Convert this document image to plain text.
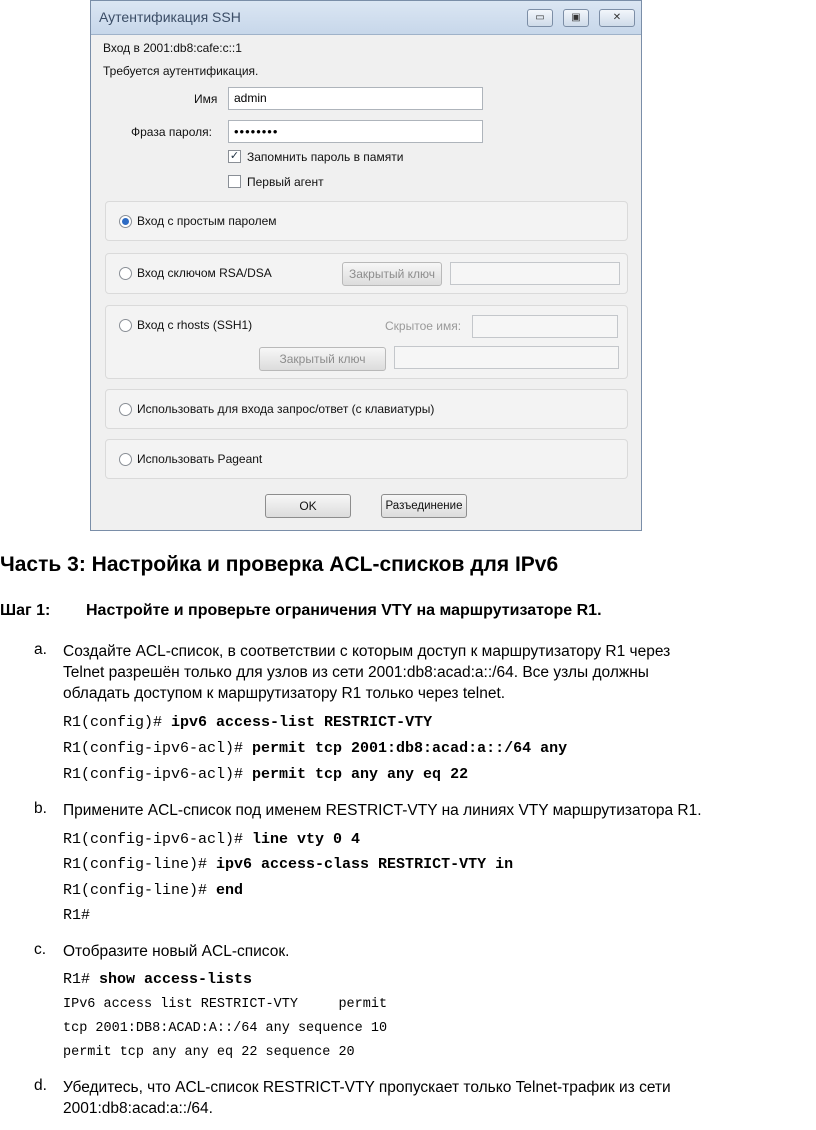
Аутентификация SSH	▭	▣	✕
Вход в 2001:db8:cafe:c::1
Требуется аутентификация.
Имя	admin
Фраза пароля:	••••••••
✓ Запомнить пароль в памяти
Первый агент
Вход с простым паролем
Вход сключом RSA/DSA	Закрытый ключ
Вход с rhosts (SSH1)	Скрытое имя:
Закрытый ключ
Использовать для входа запрос/ответ (с клавиатуры)
Использовать Pageant
OK	Разъединение
Часть 3: Настройка и проверка ACL-списков для IPv6
Шаг 1: Настройте и проверьте ограничения VTY на маршрутизаторе R1.
a. Создайте ACL-список, в соответствии с которым доступ к маршрутизатору R1 через
Telnet разрешён только для узлов из сети 2001:db8:acad:a::/64. Все узлы должны
обладать доступом к маршрутизатору R1 только через telnet.
R1(config)# ipv6 access-list RESTRICT-VTY
R1(config-ipv6-acl)# permit tcp 2001:db8:acad:a::/64 any
R1(config-ipv6-acl)# permit tcp any any eq 22
b. Примените ACL-список под именем RESTRICT-VTY на линиях VTY маршрутизатора R1.
R1(config-ipv6-acl)# line vty 0 4
R1(config-line)# ipv6 access-class RESTRICT-VTY in
R1(config-line)# end
R1#
c. Отобразите новый ACL-список.
R1# show access-lists
IPv6 access list RESTRICT-VTY     permit
tcp 2001:DB8:ACAD:A::/64 any sequence 10
permit tcp any any eq 22 sequence 20
d. Убедитесь, что ACL-список RESTRICT-VTY пропускает только Telnet-трафик из сети
2001:db8:acad:a::/64.
